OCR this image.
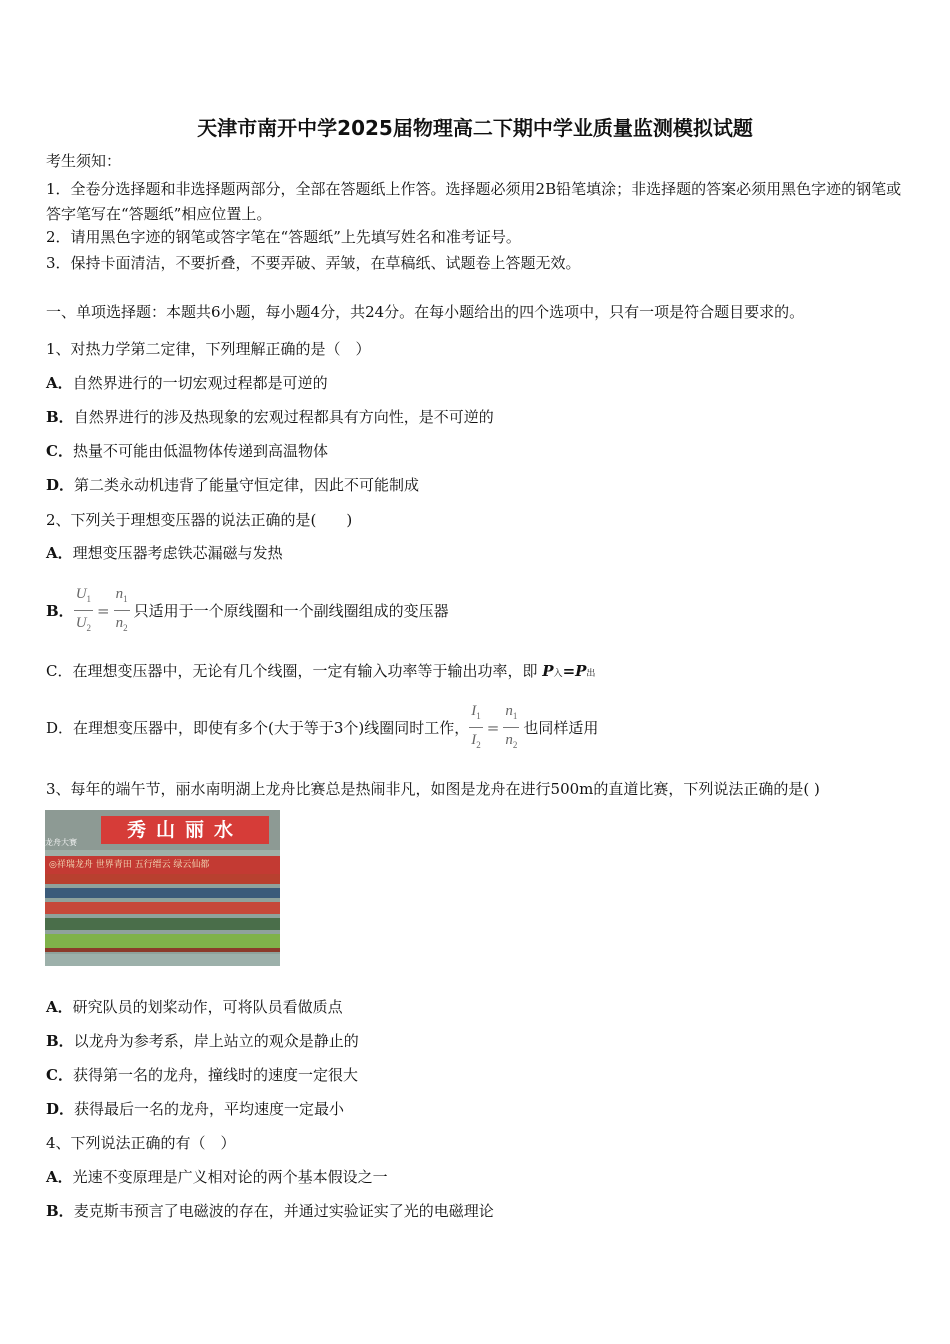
天津市南开中学2025届物理高二下期中学业质量监测模拟试题
考生须知：
1．全卷分选择题和非选择题两部分，全部在答题纸上作答。选择题必须用2B铅笔填涂；非选择题的答案必须用黑色字迹的钢笔或答字笔写在“答题纸”相应位置上。
2．请用黑色字迹的钢笔或答字笔在“答题纸”上先填写姓名和准考证号。
3．保持卡面清洁，不要折叠，不要弄破、弄皱，在草稿纸、试题卷上答题无效。
一、单项选择题：本题共6小题，每小题4分，共24分。在每小题给出的四个选项中，只有一项是符合题目要求的。
1、对热力学第二定律，下列理解正确的是（　）
A．自然界进行的一切宏观过程都是可逆的
B．自然界进行的涉及热现象的宏观过程都具有方向性，是不可逆的
C．热量不可能由低温物体传递到高温物体
D．第二类永动机违背了能量守恒定律，因此不可能制成
2、下列关于理想变压器的说法正确的是(　　)
A．理想变压器考虑铁芯漏磁与发热
B． $\frac{U_1}{U_2} = \frac{n_1}{n_2}$ 只适用于一个原线圈和一个副线圈组成的变压器
C．在理想变压器中，无论有几个线圈，一定有输入功率等于输出功率，即 P入=P出
D．在理想变压器中，即使有多个(大于等于3个)线圈同时工作， $\frac{I_1}{I_2} = \frac{n_1}{n_2}$ 也同样适用
3、每年的端午节，丽水南明湖上龙舟比赛总是热闹非凡，如图是龙舟在进行500m的直道比赛，下列说法正确的是( )
龙舟大赛
秀山丽水
◎祥瑞龙舟 世界青田 五行缙云 绿云仙都
A．研究队员的划桨动作，可将队员看做质点
B．以龙舟为参考系，岸上站立的观众是静止的
C．获得第一名的龙舟，撞线时的速度一定很大
D．获得最后一名的龙舟，平均速度一定最小
4、下列说法正确的有（　）
A．光速不变原理是广义相对论的两个基本假设之一
B．麦克斯韦预言了电磁波的存在，并通过实验证实了光的电磁理论
